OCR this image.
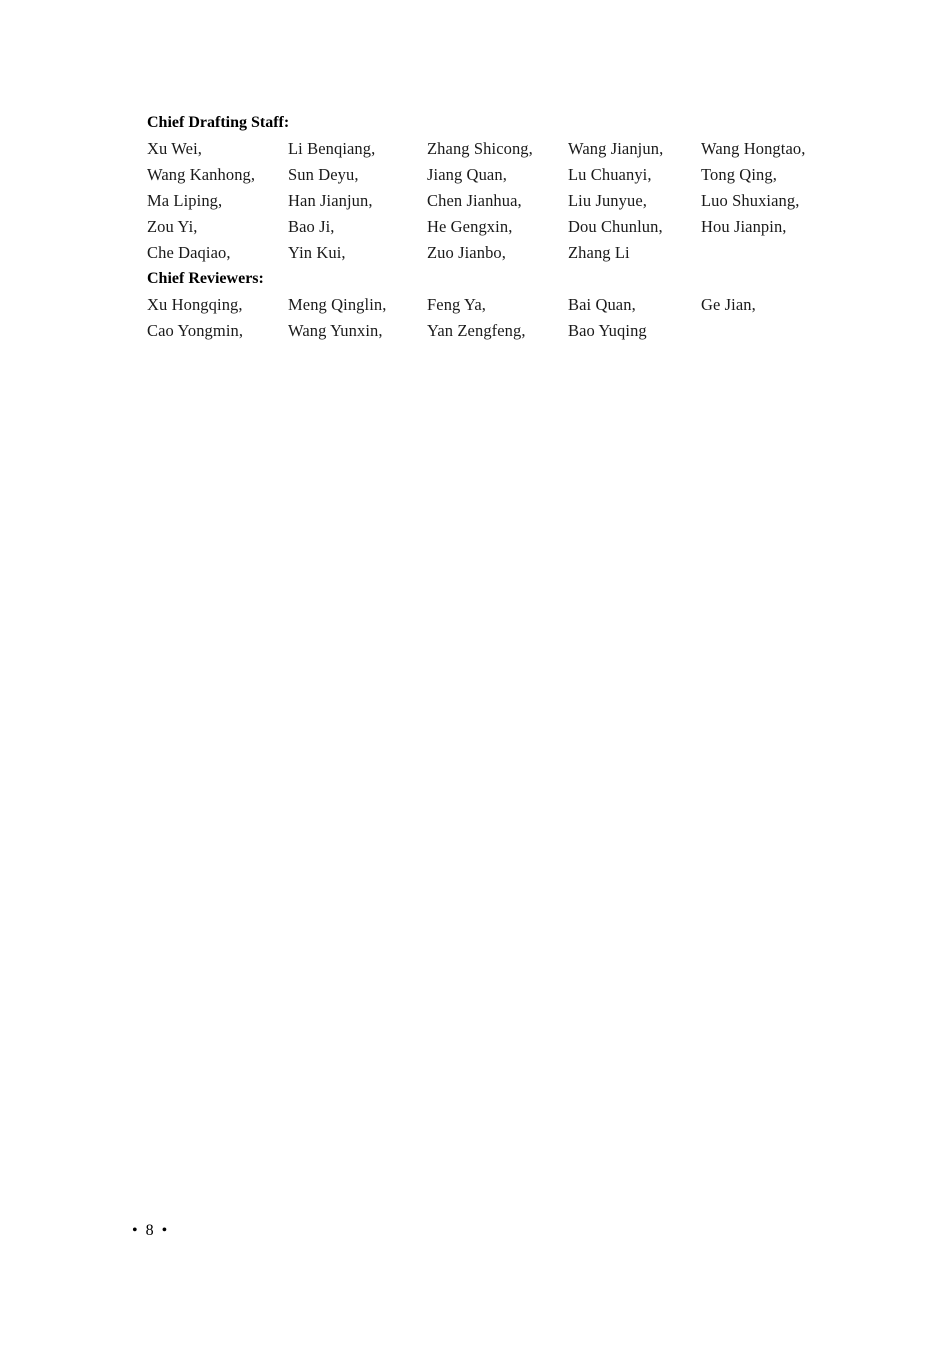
Chief Drafting Staff:
Xu Wei,	Li Benqiang,	Zhang Shicong,	Wang Jianjun,	Wang Hongtao,
Wang Kanhong,	Sun Deyu,	Jiang Quan,	Lu Chuanyi,	Tong Qing,
Ma Liping,	Han Jianjun,	Chen Jianhua,	Liu Junyue,	Luo Shuxiang,
Zou Yi,	Bao Ji,	He Gengxin,	Dou Chunlun,	Hou Jianpin,
Che Daqiao,	Yin Kui,	Zuo Jianbo,	Zhang Li
Chief Reviewers:
Xu Hongqing,	Meng Qinglin,	Feng Ya,	Bai Quan,	Ge Jian,
Cao Yongmin,	Wang Yunxin,	Yan Zengfeng,	Bao Yuqing
• 8 •
